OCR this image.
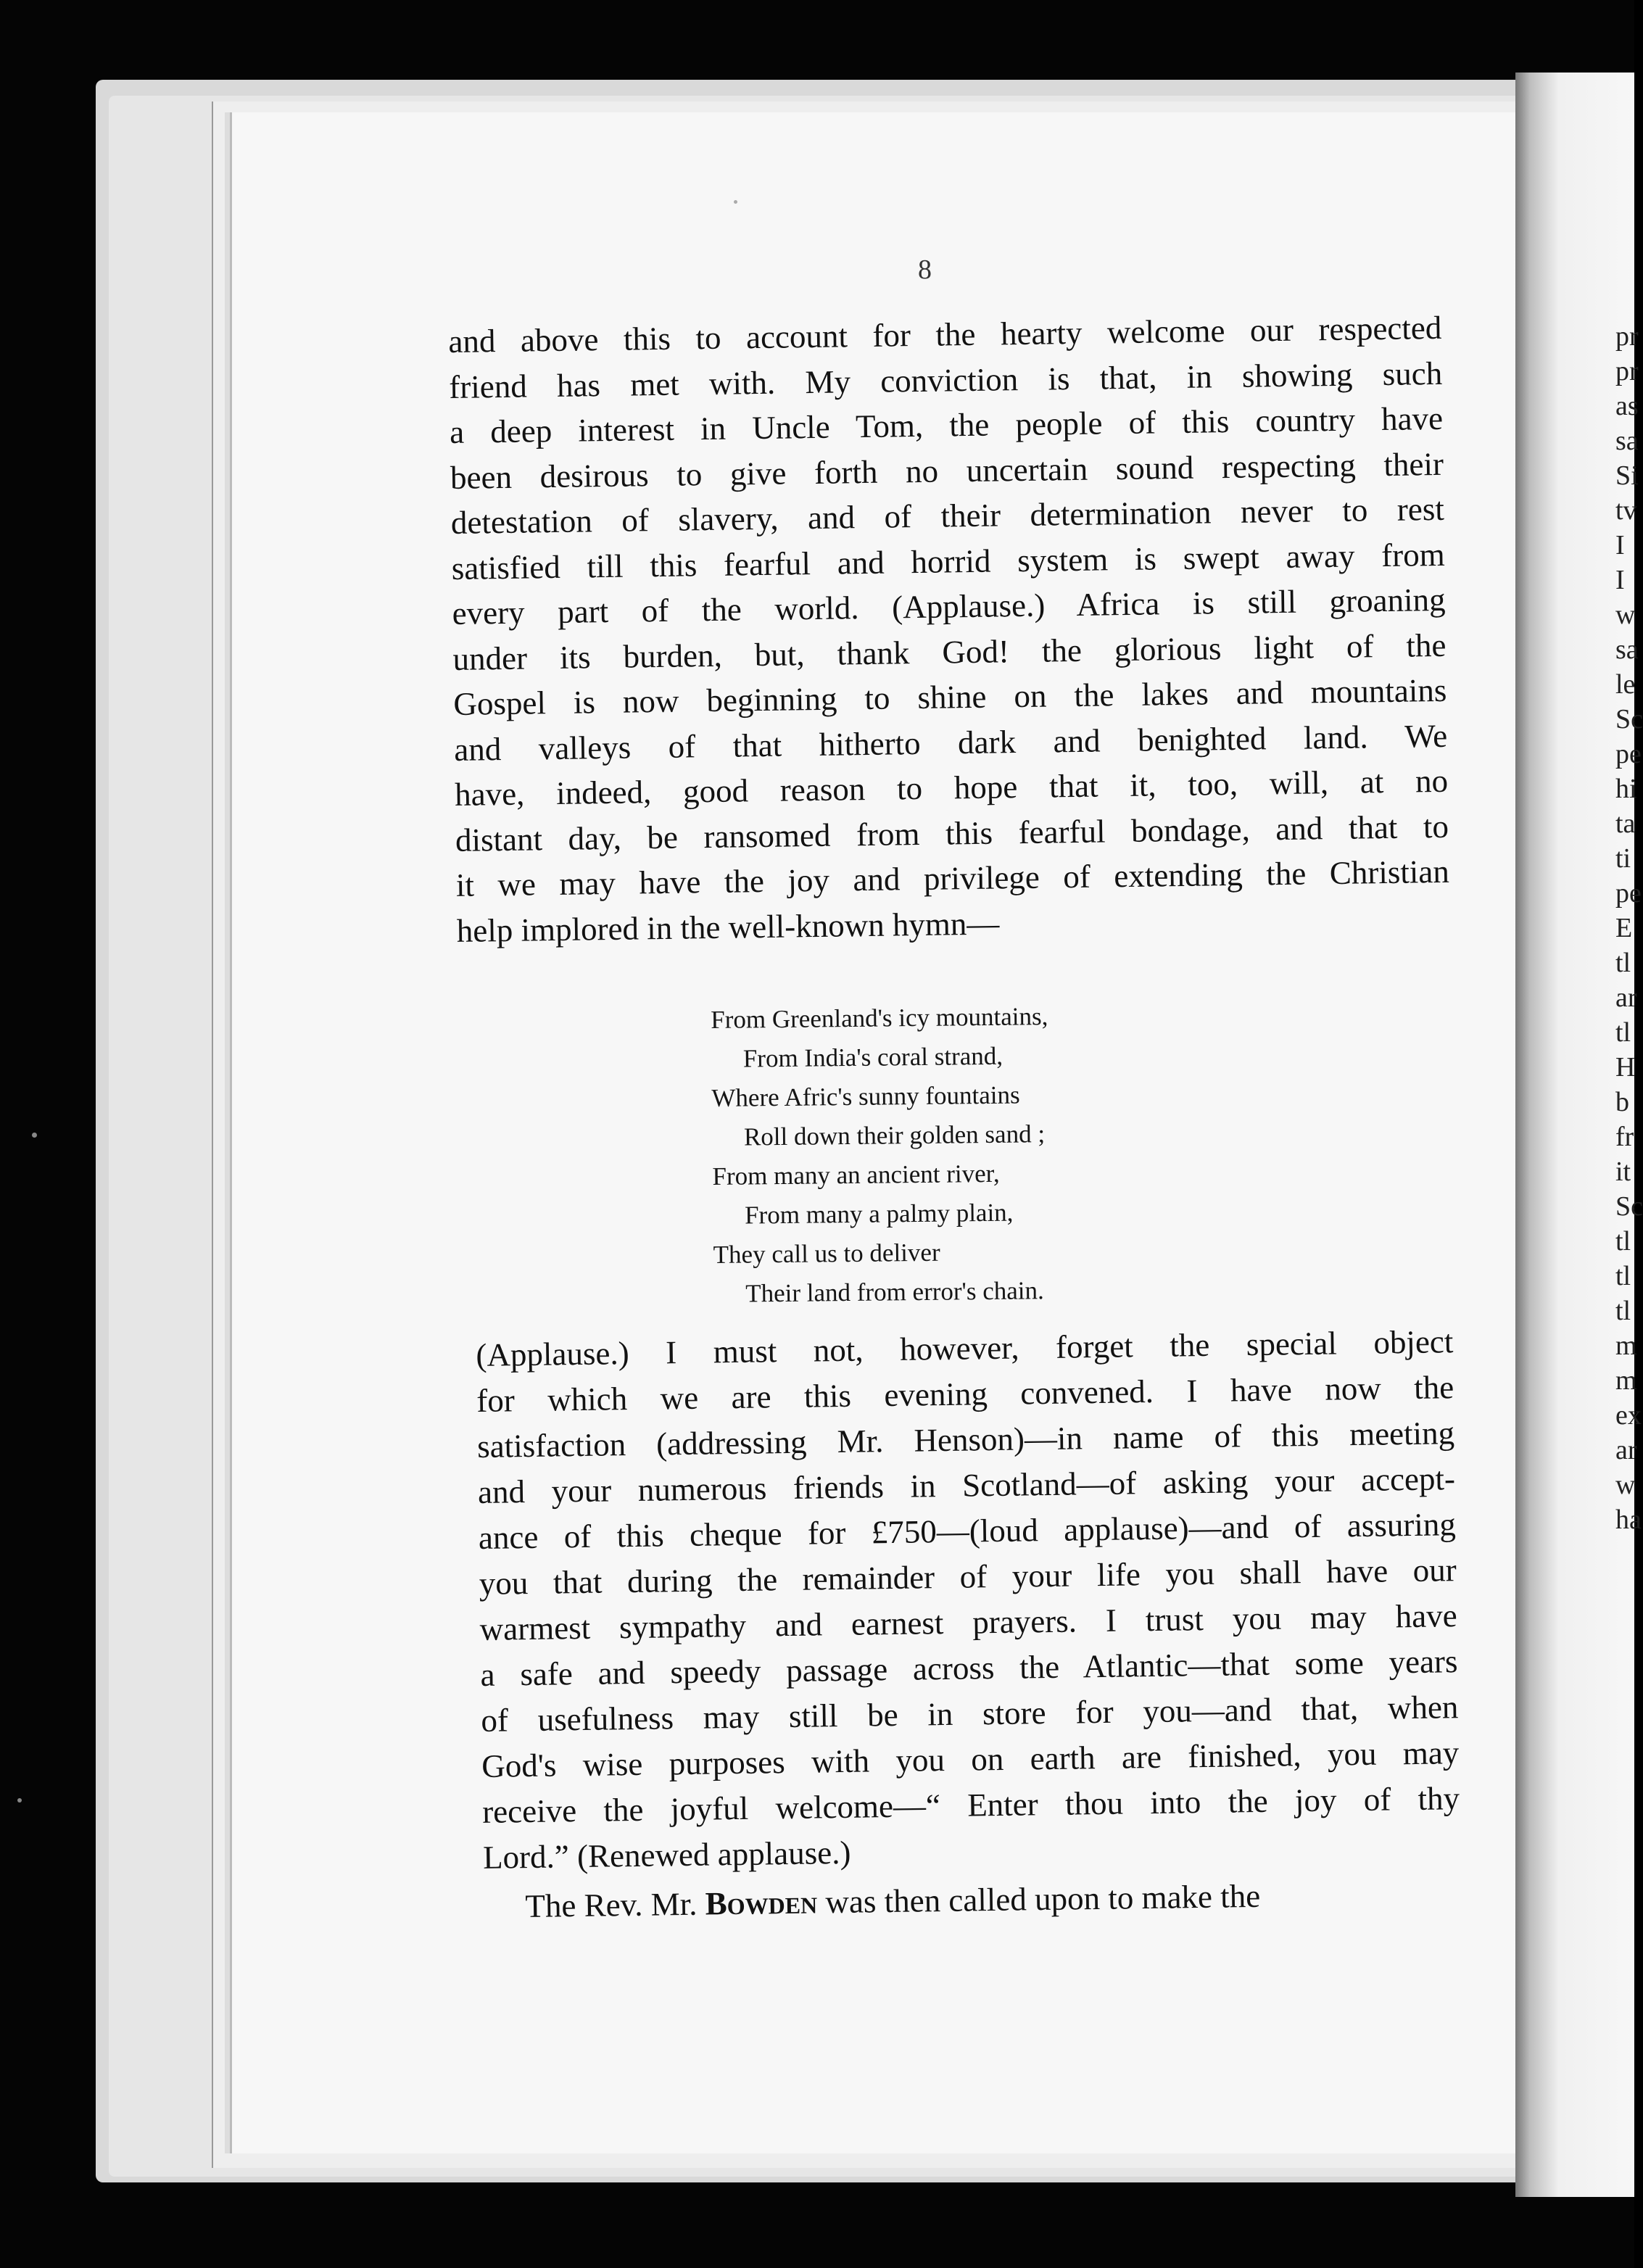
pr
pr
as
sa
Si
tv
I
I
w
sa
le
Sc
pe
hi
ta
ti
pe
E
tl
ar
tl
H
b
fr
it
Sc
tl
tl
tl
m
m
ex
ar
w
ha
8
and above this to account for the hearty welcome our respected
friend has met with. My conviction is that, in showing such
a deep interest in Uncle Tom, the people of this country have
been desirous to give forth no uncertain sound respecting their
detestation of slavery, and of their determination never to rest
satisfied till this fearful and horrid system is swept away from
every part of the world. (Applause.) Africa is still groaning
under its burden, but, thank God! the glorious light of the
Gospel is now beginning to shine on the lakes and mountains
and valleys of that hitherto dark and benighted land. We
have, indeed, good reason to hope that it, too, will, at no
distant day, be ransomed from this fearful bondage, and that to
it we may have the joy and privilege of extending the Christian
help implored in the well-known hymn—
From Greenland's icy mountains,
From India's coral strand,
Where Afric's sunny fountains
Roll down their golden sand ;
From many an ancient river,
From many a palmy plain,
They call us to deliver
Their land from error's chain.
(Applause.) I must not, however, forget the special object
for which we are this evening convened. I have now the
satisfaction (addressing Mr. Henson)—in name of this meeting
and your numerous friends in Scotland—of asking your accept-
ance of this cheque for £750—(loud applause)—and of assuring
you that during the remainder of your life you shall have our
warmest sympathy and earnest prayers. I trust you may have
a safe and speedy passage across the Atlantic—that some years
of usefulness may still be in store for you—and that, when
God's wise purposes with you on earth are finished, you may
receive the joyful welcome—“ Enter thou into the joy of thy
Lord.” (Renewed applause.)
The Rev. Mr. Bowden was then called upon to make the
